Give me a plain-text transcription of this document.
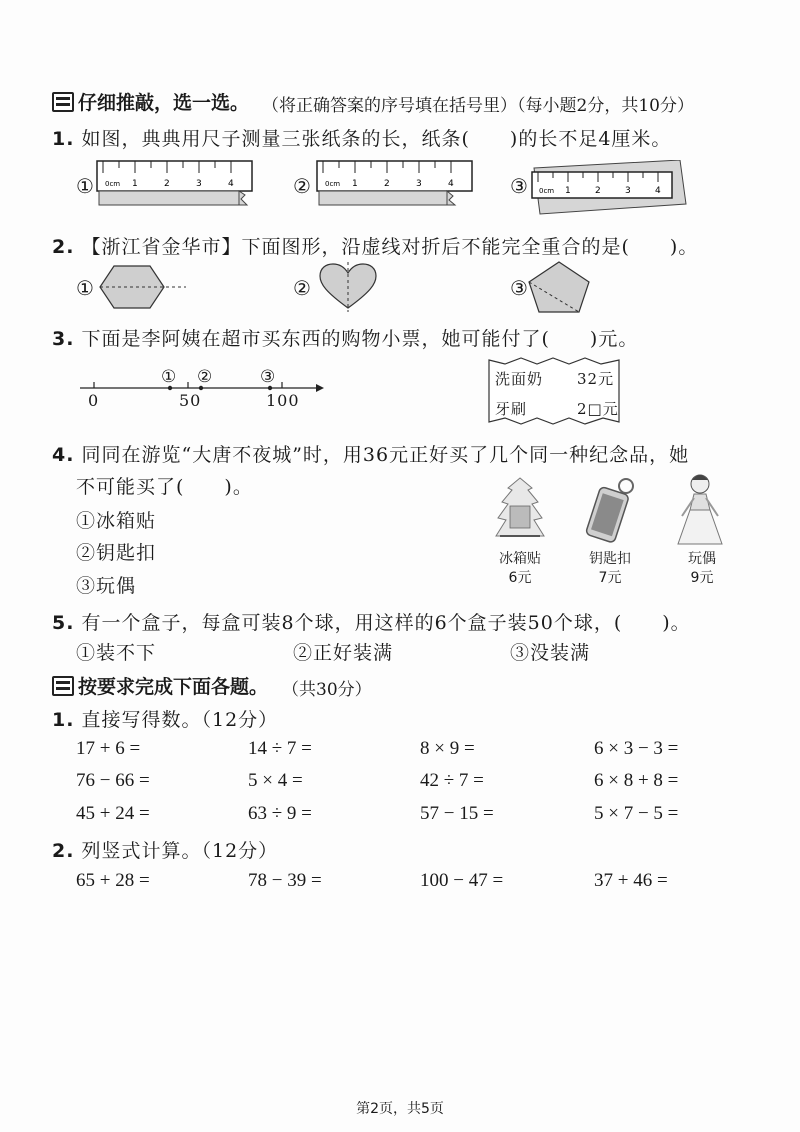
仔细推敲，选一选。 （将正确答案的序号填在括号里）（每小题2分，共10分）
1. 如图，典典用尺子测量三张纸条的长，纸条(　　)的长不足4厘米。
①	②	③
0cm 1	2	3	4	0cm 1	2	3	4
0cm 1	2	3	4
2. 【浙江省金华市】下面图形，沿虚线对折后不能完全重合的是(　　)。
①	②	③
3. 下面是李阿姨在超市买东西的购物小票，她可能付了(　　)元。
0	50	100
① ②	③	洗面奶 32元
牙刷	2□元
4. 同同在游览“大唐不夜城”时，用36元正好买了几个同一种纪念品，她
不可能买了(　　)。
①冰箱贴
②钥匙扣
③玩偶
冰箱贴
6元
钥匙扣
7元
玩偶
9元
5. 有一个盒子，每盒可装8个球，用这样的6个盒子装50个球，(　　)。
①装不下	②正好装满	③没装满
按要求完成下面各题。 （共30分）
1. 直接写得数。（12分）
17 + 6 =	14 ÷ 7 =	8 × 9 =	6 × 3 − 3 =
76 − 66 =	5 × 4 =	42 ÷ 7 =	6 × 8 + 8 =
45 + 24 =	63 ÷ 9 =	57 − 15 =	5 × 7 − 5 =
2. 列竖式计算。（12分）
65 + 28 =	78 − 39 =	100 − 47 =	37 + 46 =
第2页，共5页
